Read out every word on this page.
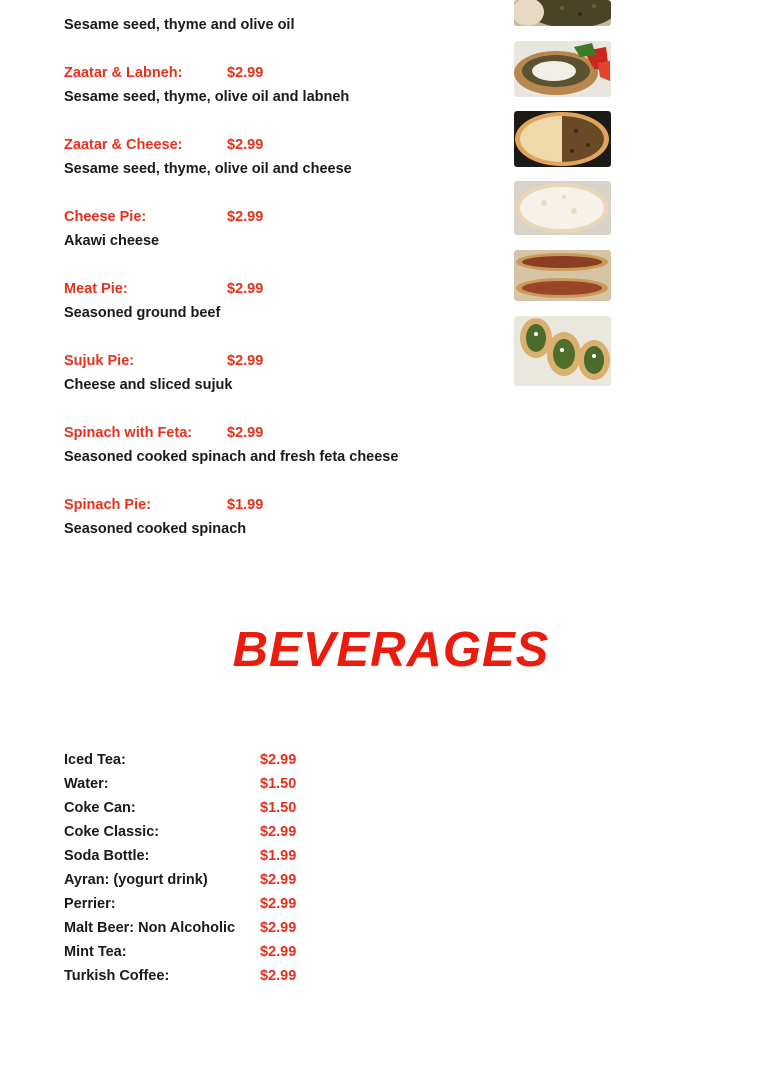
Sesame seed, thyme and olive oil
Zaatar & Labneh:	$2.99
Sesame seed, thyme, olive oil and labneh
Zaatar & Cheese:	$2.99
Sesame seed, thyme, olive oil and cheese
Cheese Pie:	$2.99
Akawi cheese
Meat Pie:	$2.99
Seasoned ground beef
Sujuk Pie:	$2.99
Cheese and sliced sujuk
Spinach with Feta: $2.99
Seasoned cooked spinach and fresh feta cheese
Spinach Pie:	$1.99
Seasoned cooked spinach
BEVERAGES
Iced Tea:	$2.99
Water:	$1.50
Coke Can:	$1.50
Coke Classic:	$2.99
Soda Bottle:	$1.99
Ayran: (yogurt drink)	$2.99
Perrier:	$2.99
Malt Beer: Non Alcoholic $2.99
Mint Tea:	$2.99
Turkish Coffee:	$2.99
